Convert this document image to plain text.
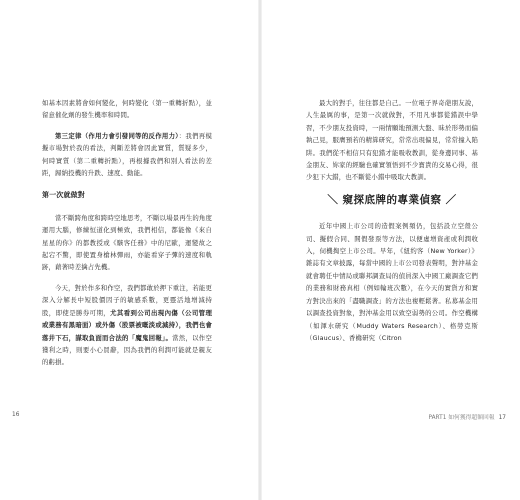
如基本因素將會如何變化，何時變化（第一重轉折點），並留意催化劑的發生機率和時間。

第三定律（作用力會引發同等的反作用力）：我們再模擬市場對於我的看法，判斷差將會因此實質，質疑多少，何時實質（第二重轉折點），再根據我們和別人看法的差距，歸納投機的升跌、速度、動能。

第一次就做對

當不斷跨角度和跨時空地思考，不斷以場景再生的角度運用大腦，修練恒道化到極致，我們相信，都能像《來自星星的你》的都教授或《駭客任務》中的尼歐，運變故之起宕不驚，即使置身槍林彈雨，亦能看穿子彈的速度和軌跡，藉著時差擒占先機。

今天，對於作多和作空，我們都敢於押下重注，若能更深入分解長中短股價因子的敏感系數，更靈活地增減持股，即使是勝券可期，尤其看到公司出現內傷（公司管理或業務有黑暗面）或外傷（股票被嘅淡或減持），我們也會落井下石，謀取負面而合法的「魔鬼回報」。當然，以作空獲利之時，則要小心買辭，因為我們的利潤可能就是親友的虧損。

16

最大的對手，往往都是自己。一位電子界奇葩朋友說，人生最厲的事，是第一次就做對，不用凡事都從錯誤中學習，不少朋友投資時，一兩情願地預測大盤、昧於形勢而偏執己見，服膺預若的精算研究，常常出現偏見，常常撞入陷阱。我們從不相信只有犯錯才能吸收教訓，從身邊同事、基金朋友、妳家的經驗也確實領悟到不少寶貴的交易心得，很少犯下大錯，也不斷從小錯中吸取大教訓。

＼ 窺探底牌的專業偵察 ／

近年中國上市公司的造假案例頻仍，包括設立空殼公司、擬假合同、開假發票等方法，以便虛增資產或利潤收入，伺機掏空上市公司。早年，《紐約客（New Yorker）》雜誌有文章披露，每當中國的上市公司發表聲明，對沖基金就會聘任中情局或聯邦調查局的偵員深入中國工廠調查它們的業務和財務真相（例如輪班次數），在今天的實貨方和實方對決出來的「盡職調查」的方法也複輕鬆著。私募基金用以調查投資對象，對沖基金用以致空弱勢的公司。作空機構（如渾水研究（Muddy Waters Research）、格勞克斯（Glaucus）、香櫞研究（Citron

PART1 如何獲得超額回報 17
